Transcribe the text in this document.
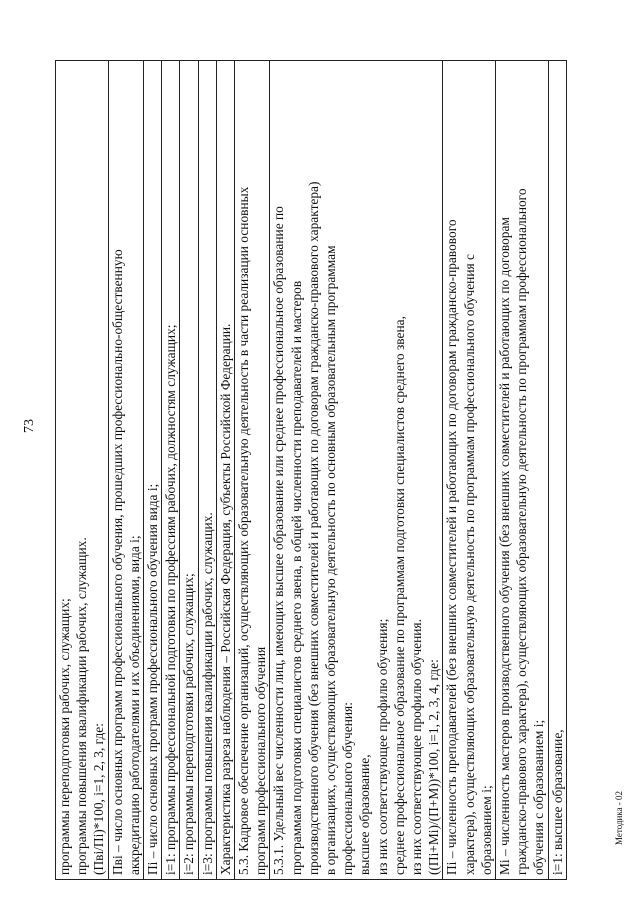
73
программы переподготовки рабочих, служащих; программы повышения квалификации рабочих, служащих. (Пвi/Пi)*100, i=1, 2, 3, где: Пвi – число основных программ профессионального обучения, прошедших профессионально-общественную аккредитацию работодателями и их объединениями, вида i; Пi – число основных программ профессионального обучения вида i; i=1: программы профессиональной подготовки по профессиям рабочих, должностям служащих; i=2: программы переподготовки рабочих, служащих; i=3: программы повышения квалификации рабочих, служащих. Характеристика разреза наблюдения – Российская Федерация, субъекты Российской Федерации. 5.3. Кадровое обеспечение организаций, осуществляющих образовательную деятельность в части реализации основных программ профессионального обучения 5.3.1. Удельный вес численности лиц, имеющих высшее образование или среднее профессиональное образование по программам подготовки специалистов среднего звена, в общей численности преподавателей и мастеров производственного обучения (без внешних совместителей и работающих по договорам гражданско-правового характера) в организациях, осуществляющих образовательную деятельность по основным образовательным программам профессионального обучения: высшее образование, из них соответствующее профилю обучения; среднее профессиональное образование по программам подготовки специалистов среднего звена, из них соответствующее профилю обучения. ((Пi+Мi)/(П+М))*100, i=1, 2, 3, 4, где: Пi – численность преподавателей (без внешних совместителей и работающих по договорам гражданско-правового характера), осуществляющих образовательную деятельность по программам профессионального обучения с образованием i; Мi – численность мастеров производственного обучения (без внешних совместителей и работающих по договорам гражданско-правового характера), осуществляющих образовательную деятельность по программам профессионального обучения с образованием i; i=1: высшее образование,	Методика - 02
